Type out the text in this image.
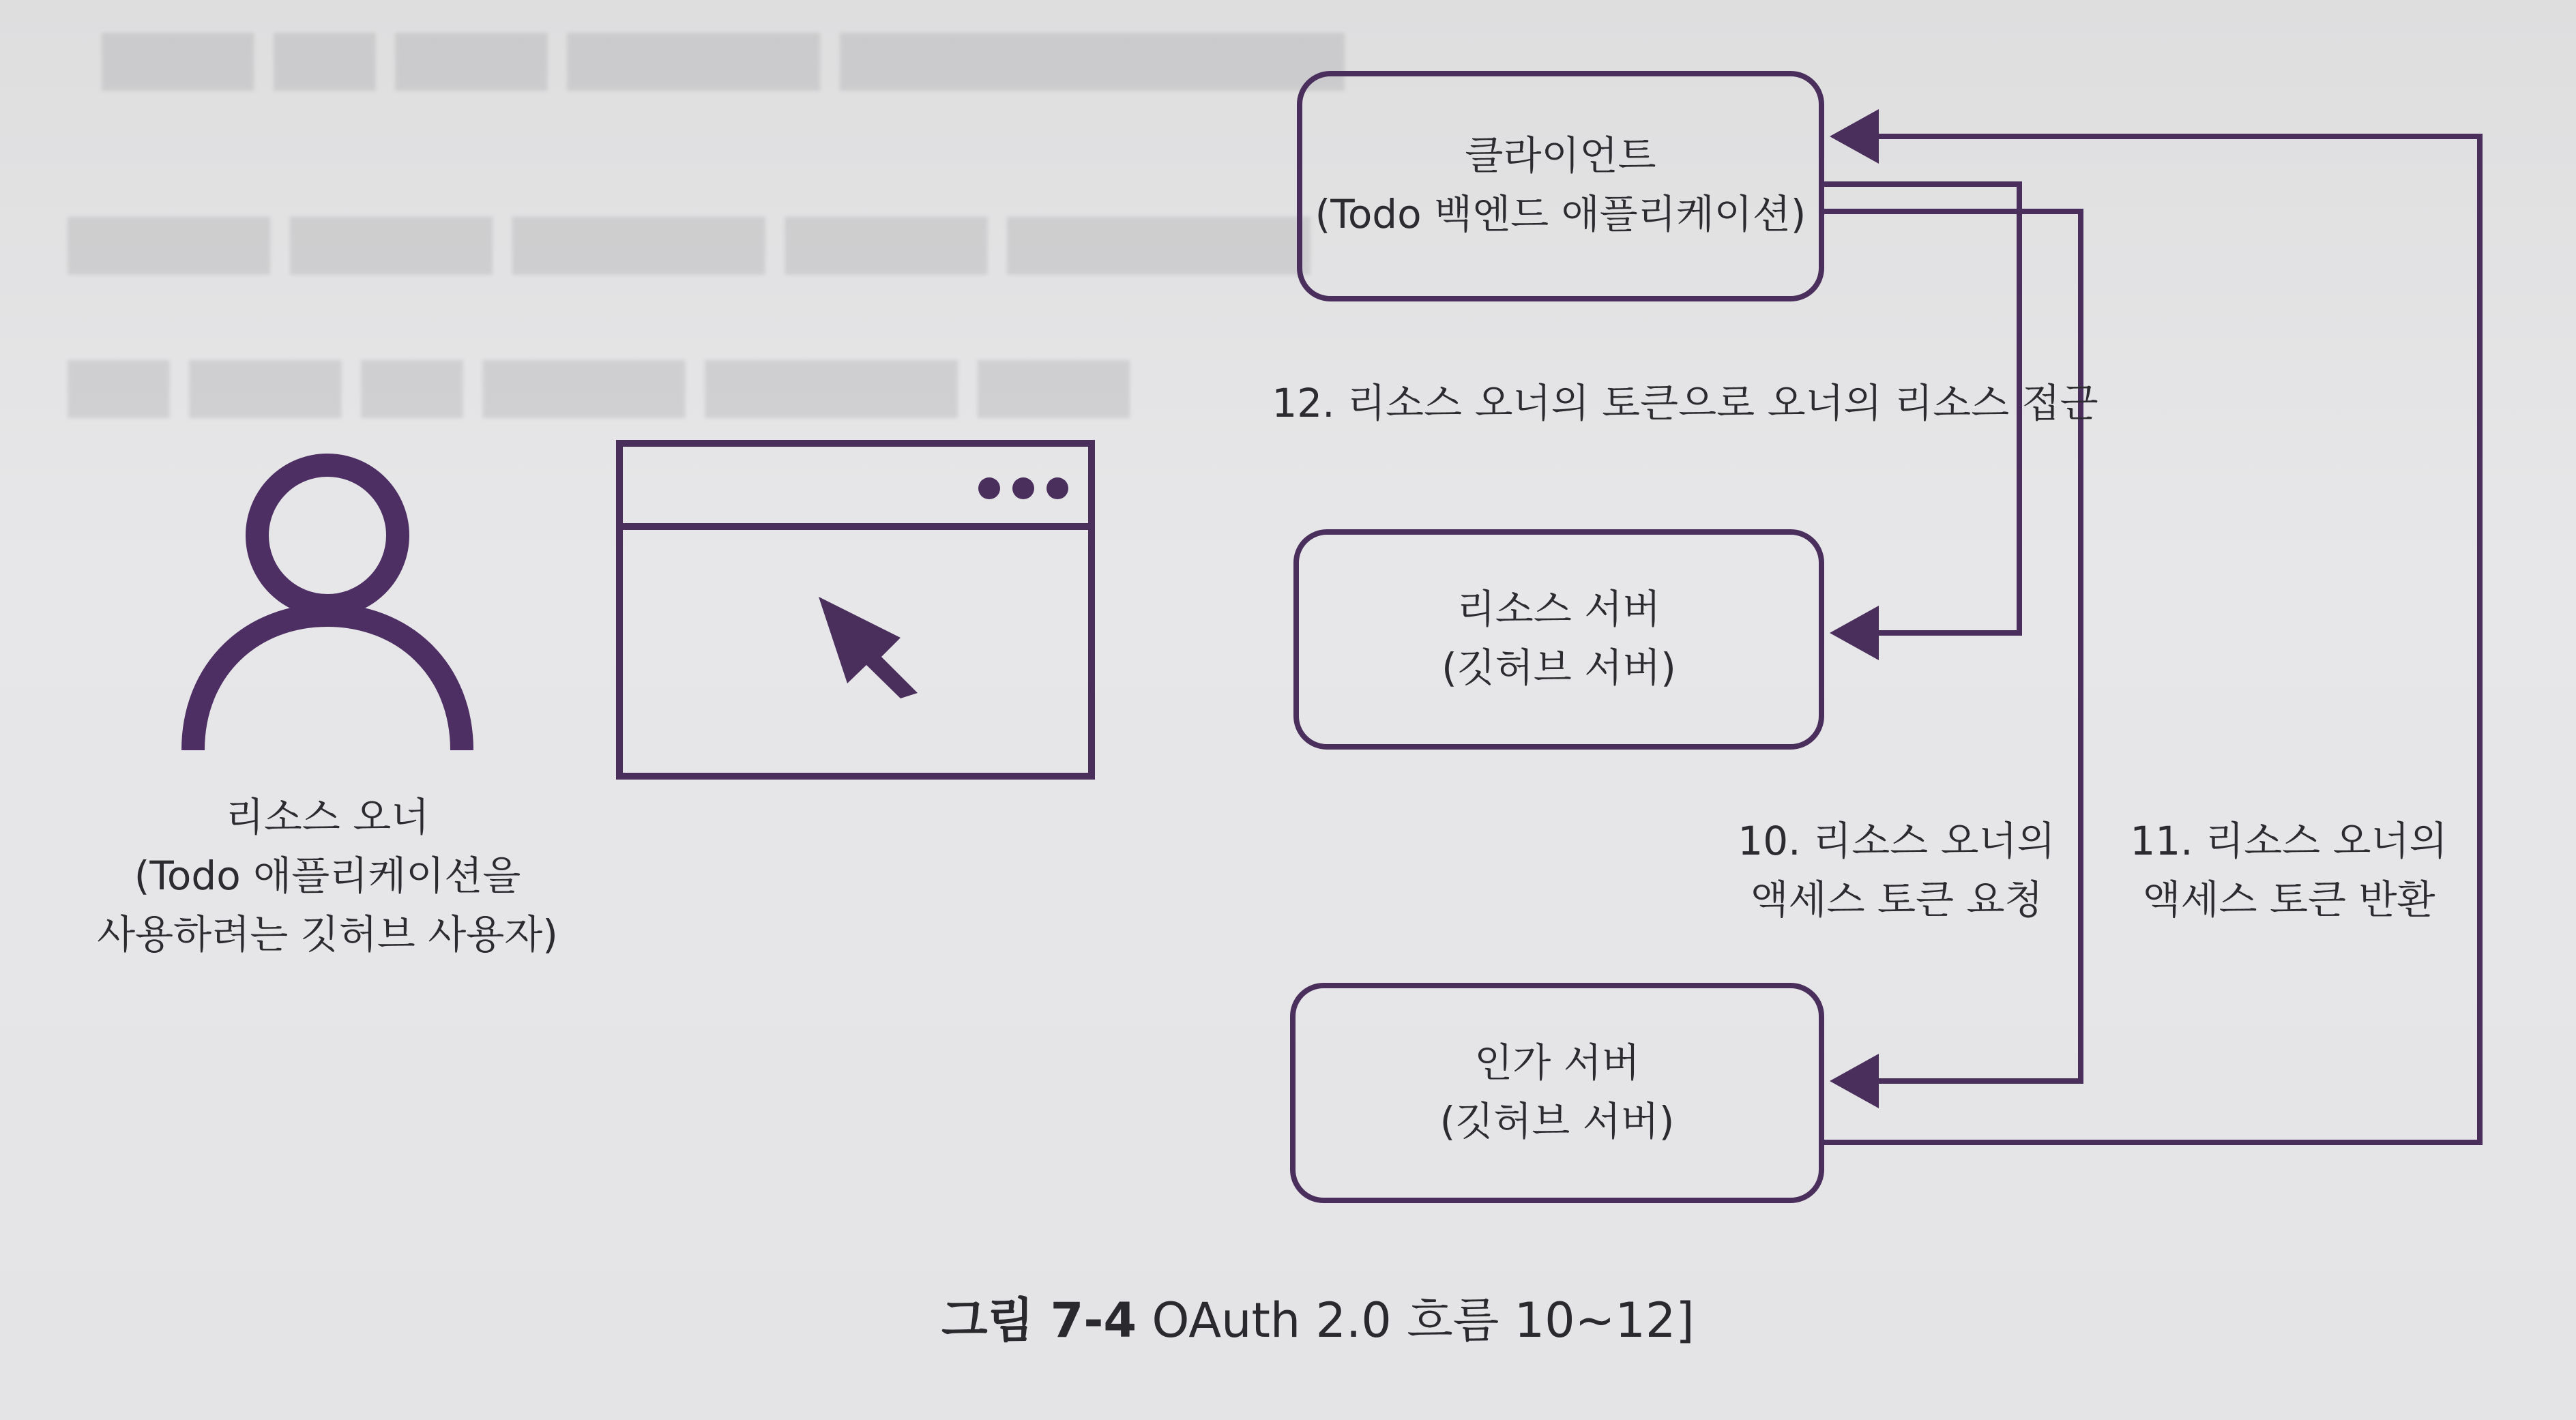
▆▆▆ ▆▆ ▆▆▆ ▆▆▆▆▆ ▆▆▆▆▆▆▆▆▆▆
▆▆▆▆ ▆▆▆▆ ▆▆▆▆▆ ▆▆▆▆ ▆▆▆▆▆▆
▆▆ ▆▆▆ ▆▆ ▆▆▆▆ ▆▆▆▆▆ ▆▆▆
클라이언트
(Todo 백엔드 애플리케이션)
리소스 서버
(깃허브 서버)
인가 서버
(깃허브 서버)
리소스 오너
(Todo 애플리케이션을
사용하려는 깃허브 사용자)
12. 리소스 오너의 토큰으로 오너의 리소스 접근
10. 리소스 오너의
액세스 토큰 요청
11. 리소스 오너의
액세스 토큰 반환
그림 7-4 OAuth 2.0 흐름 10~12]
